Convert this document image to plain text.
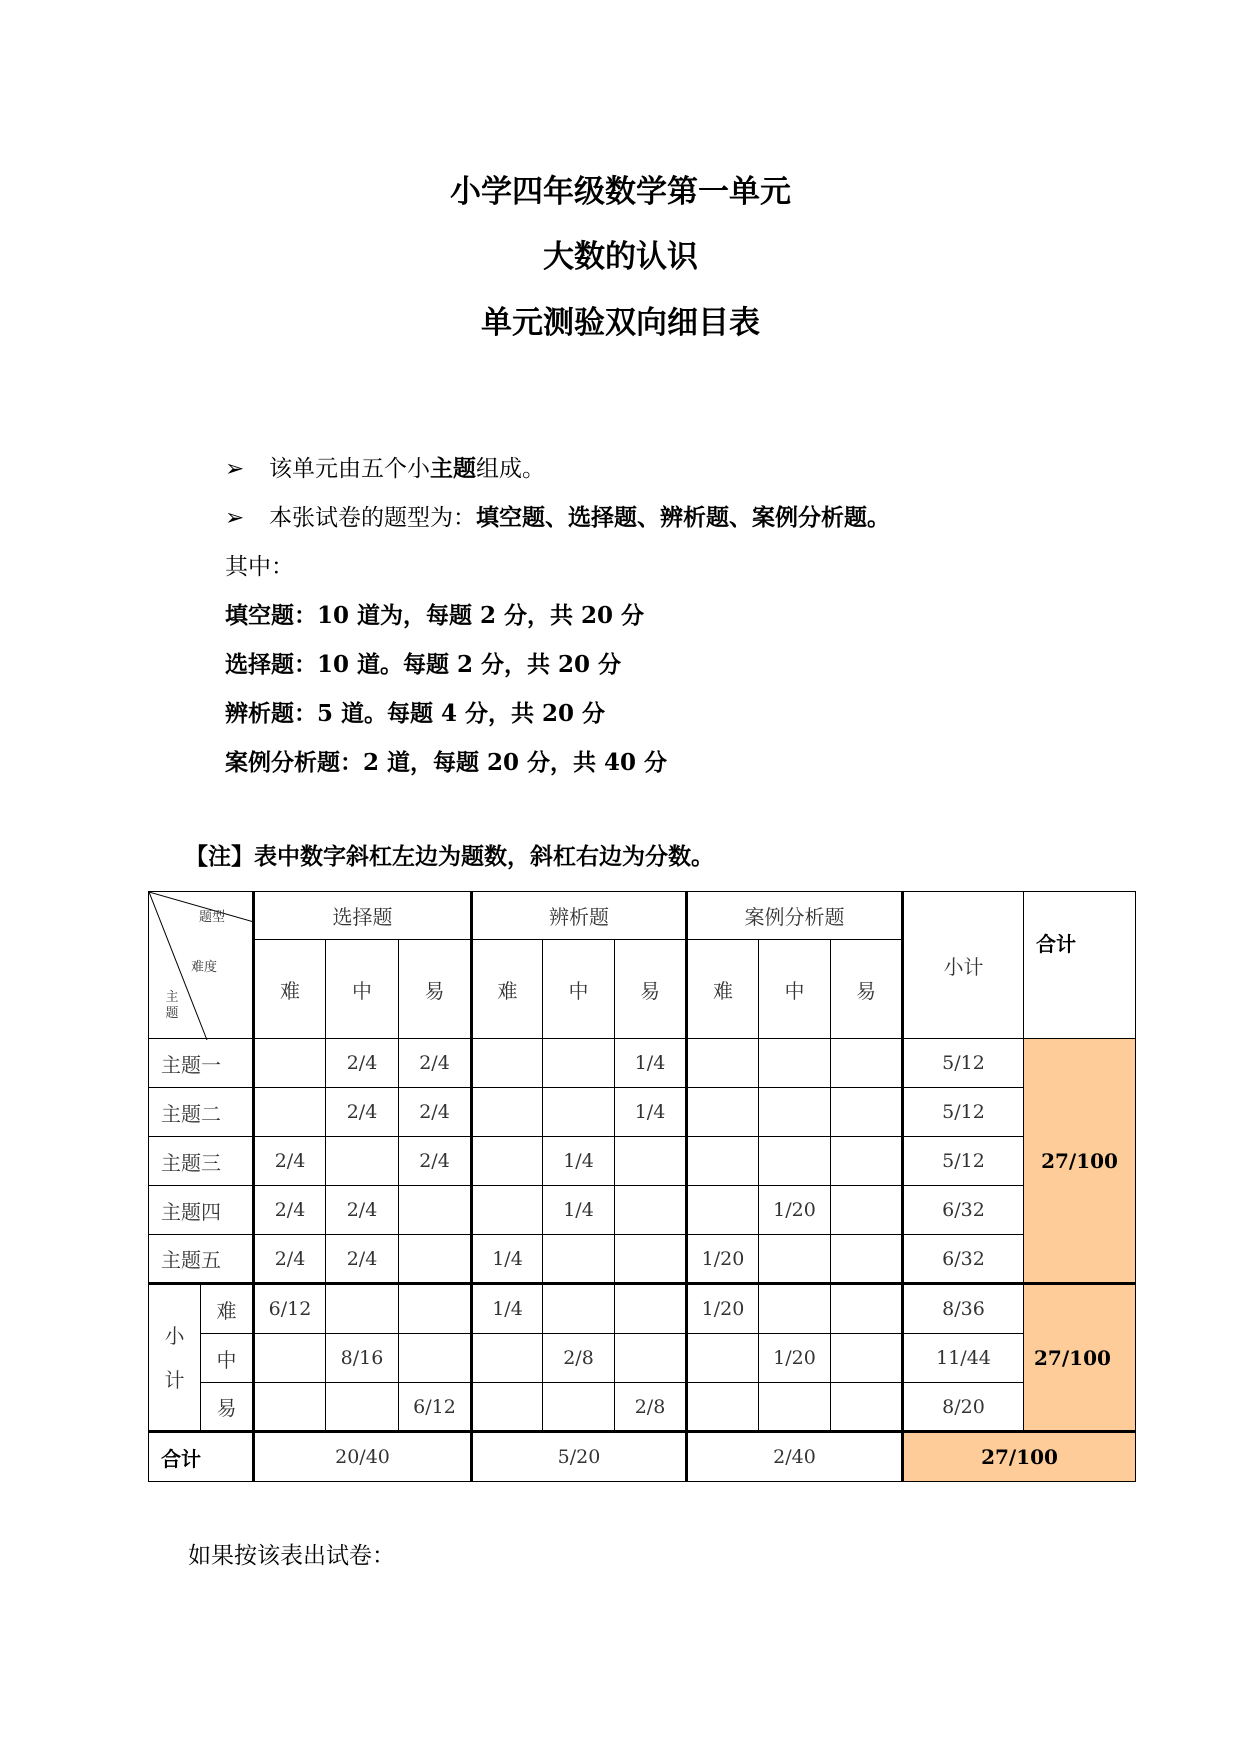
小学四年级数学第一单元
大数的认识
单元测验双向细目表
➢ 该单元由五个小主题组成。
➢ 本张试卷的题型为：填空题、选择题、辨析题、案例分析题。
其中：
填空题：10 道为，每题 2 分，共 20 分
选择题：10 道。每题 2 分，共 20 分
辨析题：5 道。每题 4 分，共 20 分
案例分析题：2 道，每题 20 分，共 40 分
【注】表中数字斜杠左边为题数，斜杠右边为分数。
题型
难度
主题		选择题			辨析题			案例分析题			小计	合计
		难	中	易	难	中	易	难	中	易		
主题一			2/4	2/4			1/4				5/12	27/100
主题二			2/4	2/4			1/4				5/12	
主题三		2/4		2/4		1/4					5/12	
主题四		2/4	2/4			1/4			1/20		6/32	
主题五		2/4	2/4		1/4			1/20			6/32	
小
计	难	6/12			1/4			1/20			8/36	27/100
	中		8/16			2/8			1/20		11/44	
	易			6/12			2/8				8/20	
合计		20/40			5/20			2/40			27/100	
如果按该表出试卷：
